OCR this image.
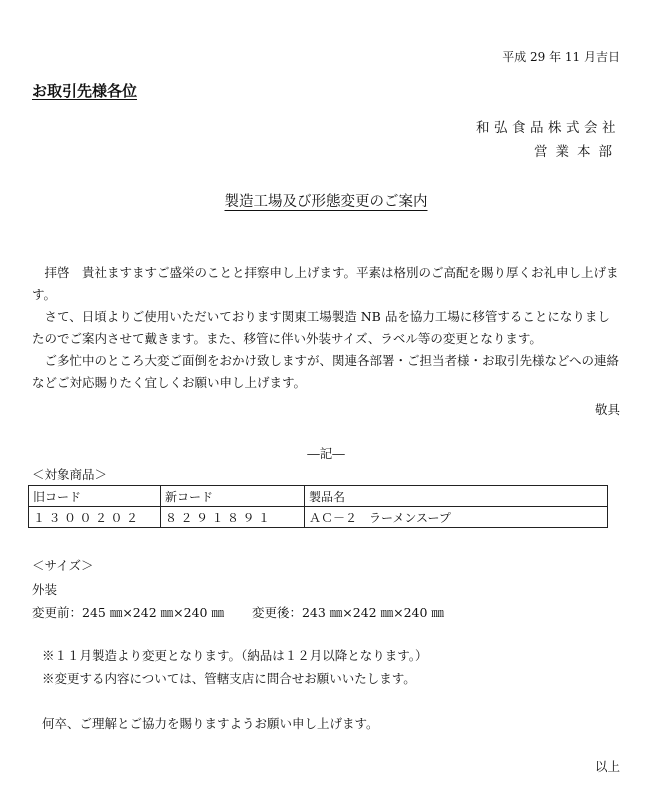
平成 29 年 11 月吉日
お取引先様各位
和弘食品株式会社
営業本部
製造工場及び形態変更のご案内

　拝啓　貴社ますますご盛栄のことと拝察申し上げます。平素は格別のご高配を賜り厚くお礼申し上げます。

　さて、日頃よりご使用いただいております関東工場製造 NB 品を協力工場に移管することになりましたのでご案内させて戴きます。また、移管に伴い外装サイズ、ラベル等の変更となります。

　ご多忙中のところ大変ご面倒をおかけ致しますが、関連各部署・ご担当者様・お取引先様などへの連絡などご対応賜りたく宜しくお願い申し上げます。

敬具
―記―
＜対象商品＞
旧コード	新コード	製品名
１３００２０２	８２９１８９１	ＡＣ－２　ラーメンスープ
＜サイズ＞
外装
変更前：245 ㎜×242 ㎜×240 ㎜ 変更後：243 ㎜×242 ㎜×240 ㎜
※１１月製造より変更となります。（納品は１２月以降となります。）
※変更する内容については、管轄支店に問合せお願いいたします。
何卒、ご理解とご協力を賜りますようお願い申し上げます。
以上
